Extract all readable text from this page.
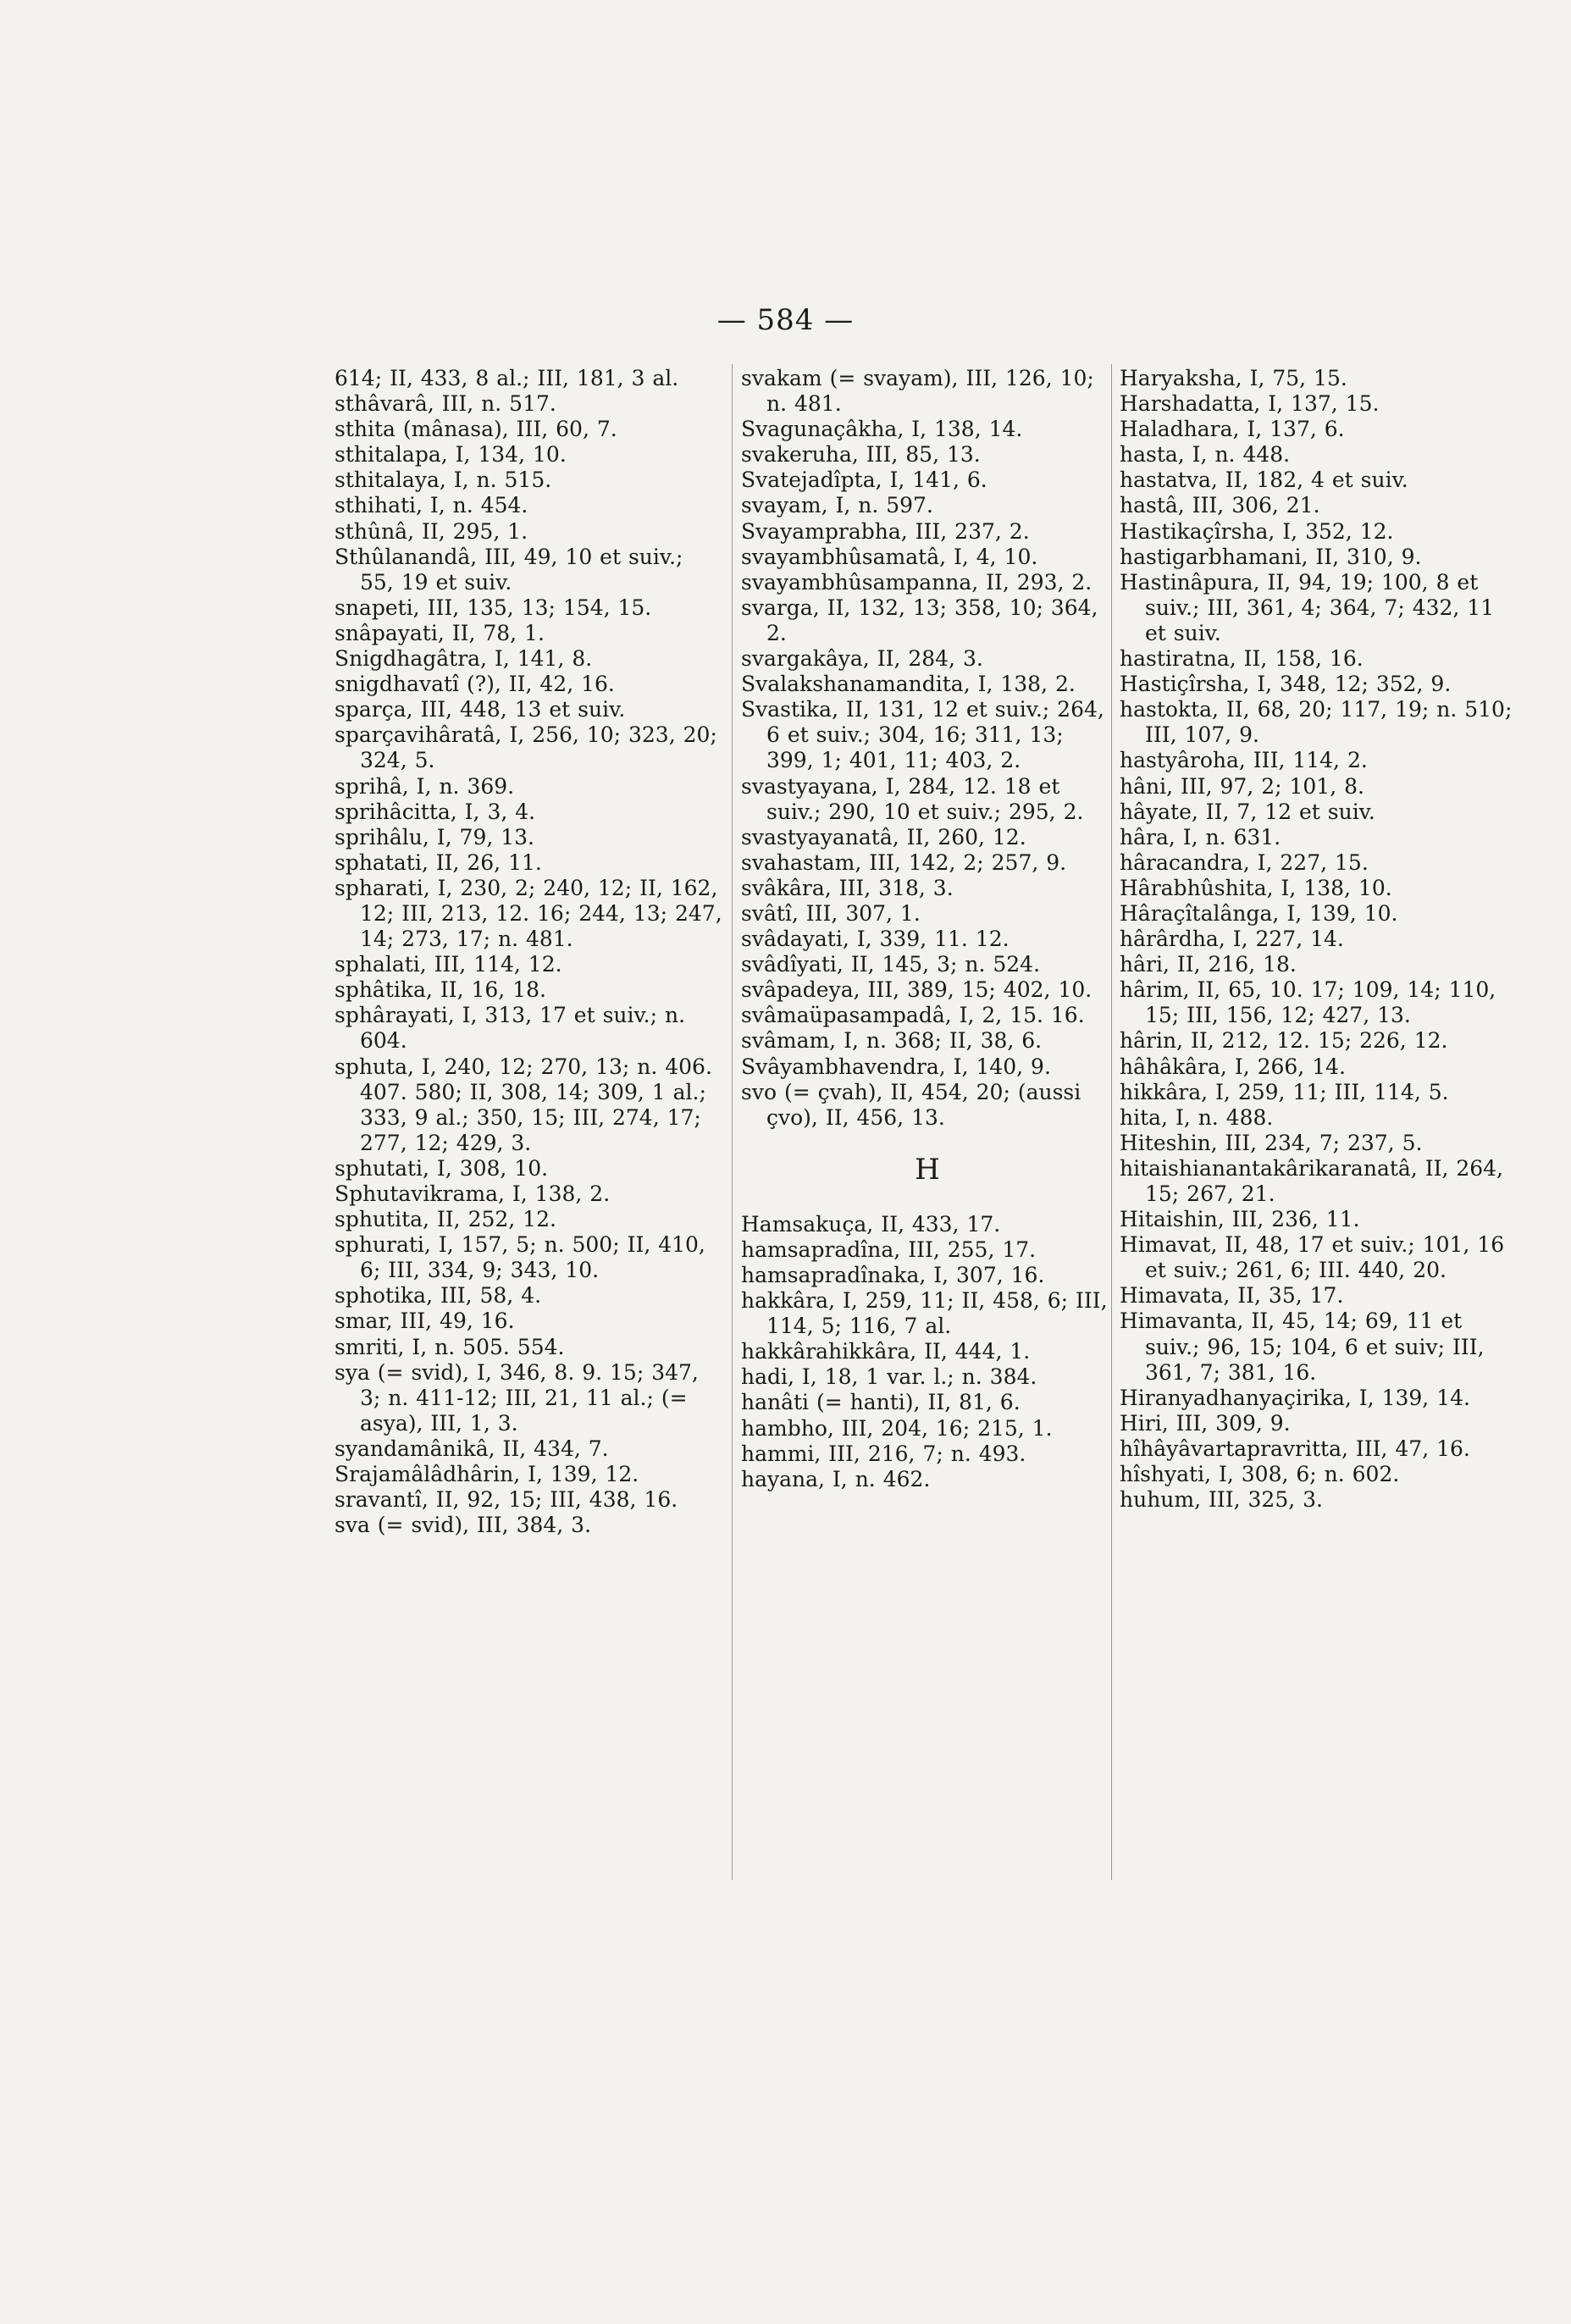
— 584 —
614; II, 433, 8 al.; III, 181, 3 al.
sthâvarâ, III, n. 517.
sthita (mânasa), III, 60, 7.
sthitalapa, I, 134, 10.
sthitalaya, I, n. 515.
sthihati, I, n. 454.
sthûnâ, II, 295, 1.
Sthûlanandâ, III, 49, 10 et suiv.; 55, 19 et suiv.
snapeti, III, 135, 13; 154, 15.
snâpayati, II, 78, 1.
Snigdhagâtra, I, 141, 8.
snigdhavatî (?), II, 42, 16.
sparça, III, 448, 13 et suiv.
sparçavihâratâ, I, 256, 10; 323, 20; 324, 5.
sprihâ, I, n. 369.
sprihâcitta, I, 3, 4.
sprihâlu, I, 79, 13.
sphatati, II, 26, 11.
spharati, I, 230, 2; 240, 12; II, 162, 12; III, 213, 12. 16; 244, 13; 247, 14; 273, 17; n. 481.
sphalati, III, 114, 12.
sphâtika, II, 16, 18.
sphârayati, I, 313, 17 et suiv.; n. 604.
sphuta, I, 240, 12; 270, 13; n. 406. 407. 580; II, 308, 14; 309, 1 al.; 333, 9 al.; 350, 15; III, 274, 17; 277, 12; 429, 3.
sphutati, I, 308, 10.
Sphutavikrama, I, 138, 2.
sphutita, II, 252, 12.
sphurati, I, 157, 5; n. 500; II, 410, 6; III, 334, 9; 343, 10.
sphotika, III, 58, 4.
smar, III, 49, 16.
smriti, I, n. 505. 554.
sya (= svid), I, 346, 8. 9. 15; 347, 3; n. 411-12; III, 21, 11 al.; (= asya), III, 1, 3.
syandamânikâ, II, 434, 7.
Srajamâlâdhârin, I, 139, 12.
sravantî, II, 92, 15; III, 438, 16.
sva (= svid), III, 384, 3.
svakam (= svayam), III, 126, 10; n. 481.
Svagunaçâkha, I, 138, 14.
svakeruha, III, 85, 13.
Svatejadîpta, I, 141, 6.
svayam, I, n. 597.
Svayamprabha, III, 237, 2.
svayambhûsamatâ, I, 4, 10.
svayambhûsampanna, II, 293, 2.
svarga, II, 132, 13; 358, 10; 364, 2.
svargakâya, II, 284, 3.
Svalakshanamandita, I, 138, 2.
Svastika, II, 131, 12 et suiv.; 264, 6 et suiv.; 304, 16; 311, 13; 399, 1; 401, 11; 403, 2.
svastyayana, I, 284, 12. 18 et suiv.; 290, 10 et suiv.; 295, 2.
svastyayanatâ, II, 260, 12.
svahastam, III, 142, 2; 257, 9.
svâkâra, III, 318, 3.
svâtî, III, 307, 1.
svâdayati, I, 339, 11. 12.
svâdîyati, II, 145, 3; n. 524.
svâpadeya, III, 389, 15; 402, 10.
svâmaüpasampadâ, I, 2, 15. 16.
svâmam, I, n. 368; II, 38, 6.
Svâyambhavendra, I, 140, 9.
svo (= çvah), II, 454, 20; (aussi çvo), II, 456, 13.
H
Hamsakuça, II, 433, 17.
hamsapradîna, III, 255, 17.
hamsapradînaka, I, 307, 16.
hakkâra, I, 259, 11; II, 458, 6; III, 114, 5; 116, 7 al.
hakkârahikkâra, II, 444, 1.
hadi, I, 18, 1 var. l.; n. 384.
hanâti (= hanti), II, 81, 6.
hambho, III, 204, 16; 215, 1.
hammi, III, 216, 7; n. 493.
hayana, I, n. 462.
Haryaksha, I, 75, 15.
Harshadatta, I, 137, 15.
Haladhara, I, 137, 6.
hasta, I, n. 448.
hastatva, II, 182, 4 et suiv.
hastâ, III, 306, 21.
Hastikaçîrsha, I, 352, 12.
hastigarbhamani, II, 310, 9.
Hastinâpura, II, 94, 19; 100, 8 et suiv.; III, 361, 4; 364, 7; 432, 11 et suiv.
hastiratna, II, 158, 16.
Hastiçîrsha, I, 348, 12; 352, 9.
hastokta, II, 68, 20; 117, 19; n. 510; III, 107, 9.
hastyâroha, III, 114, 2.
hâni, III, 97, 2; 101, 8.
hâyate, II, 7, 12 et suiv.
hâra, I, n. 631.
hâracandra, I, 227, 15.
Hârabhûshita, I, 138, 10.
Hâraçîtalânga, I, 139, 10.
hârârdha, I, 227, 14.
hâri, II, 216, 18.
hârim, II, 65, 10. 17; 109, 14; 110, 15; III, 156, 12; 427, 13.
hârin, II, 212, 12. 15; 226, 12.
hâhâkâra, I, 266, 14.
hikkâra, I, 259, 11; III, 114, 5.
hita, I, n. 488.
Hiteshin, III, 234, 7; 237, 5.
hitaishianantakârikaranatâ, II, 264, 15; 267, 21.
Hitaishin, III, 236, 11.
Himavat, II, 48, 17 et suiv.; 101, 16 et suiv.; 261, 6; III. 440, 20.
Himavata, II, 35, 17.
Himavanta, II, 45, 14; 69, 11 et suiv.; 96, 15; 104, 6 et suiv; III, 361, 7; 381, 16.
Hiranyadhanyaçirika, I, 139, 14.
Hiri, III, 309, 9.
hîhâyâvartapravritta, III, 47, 16.
hîshyati, I, 308, 6; n. 602.
huhum, III, 325, 3.
